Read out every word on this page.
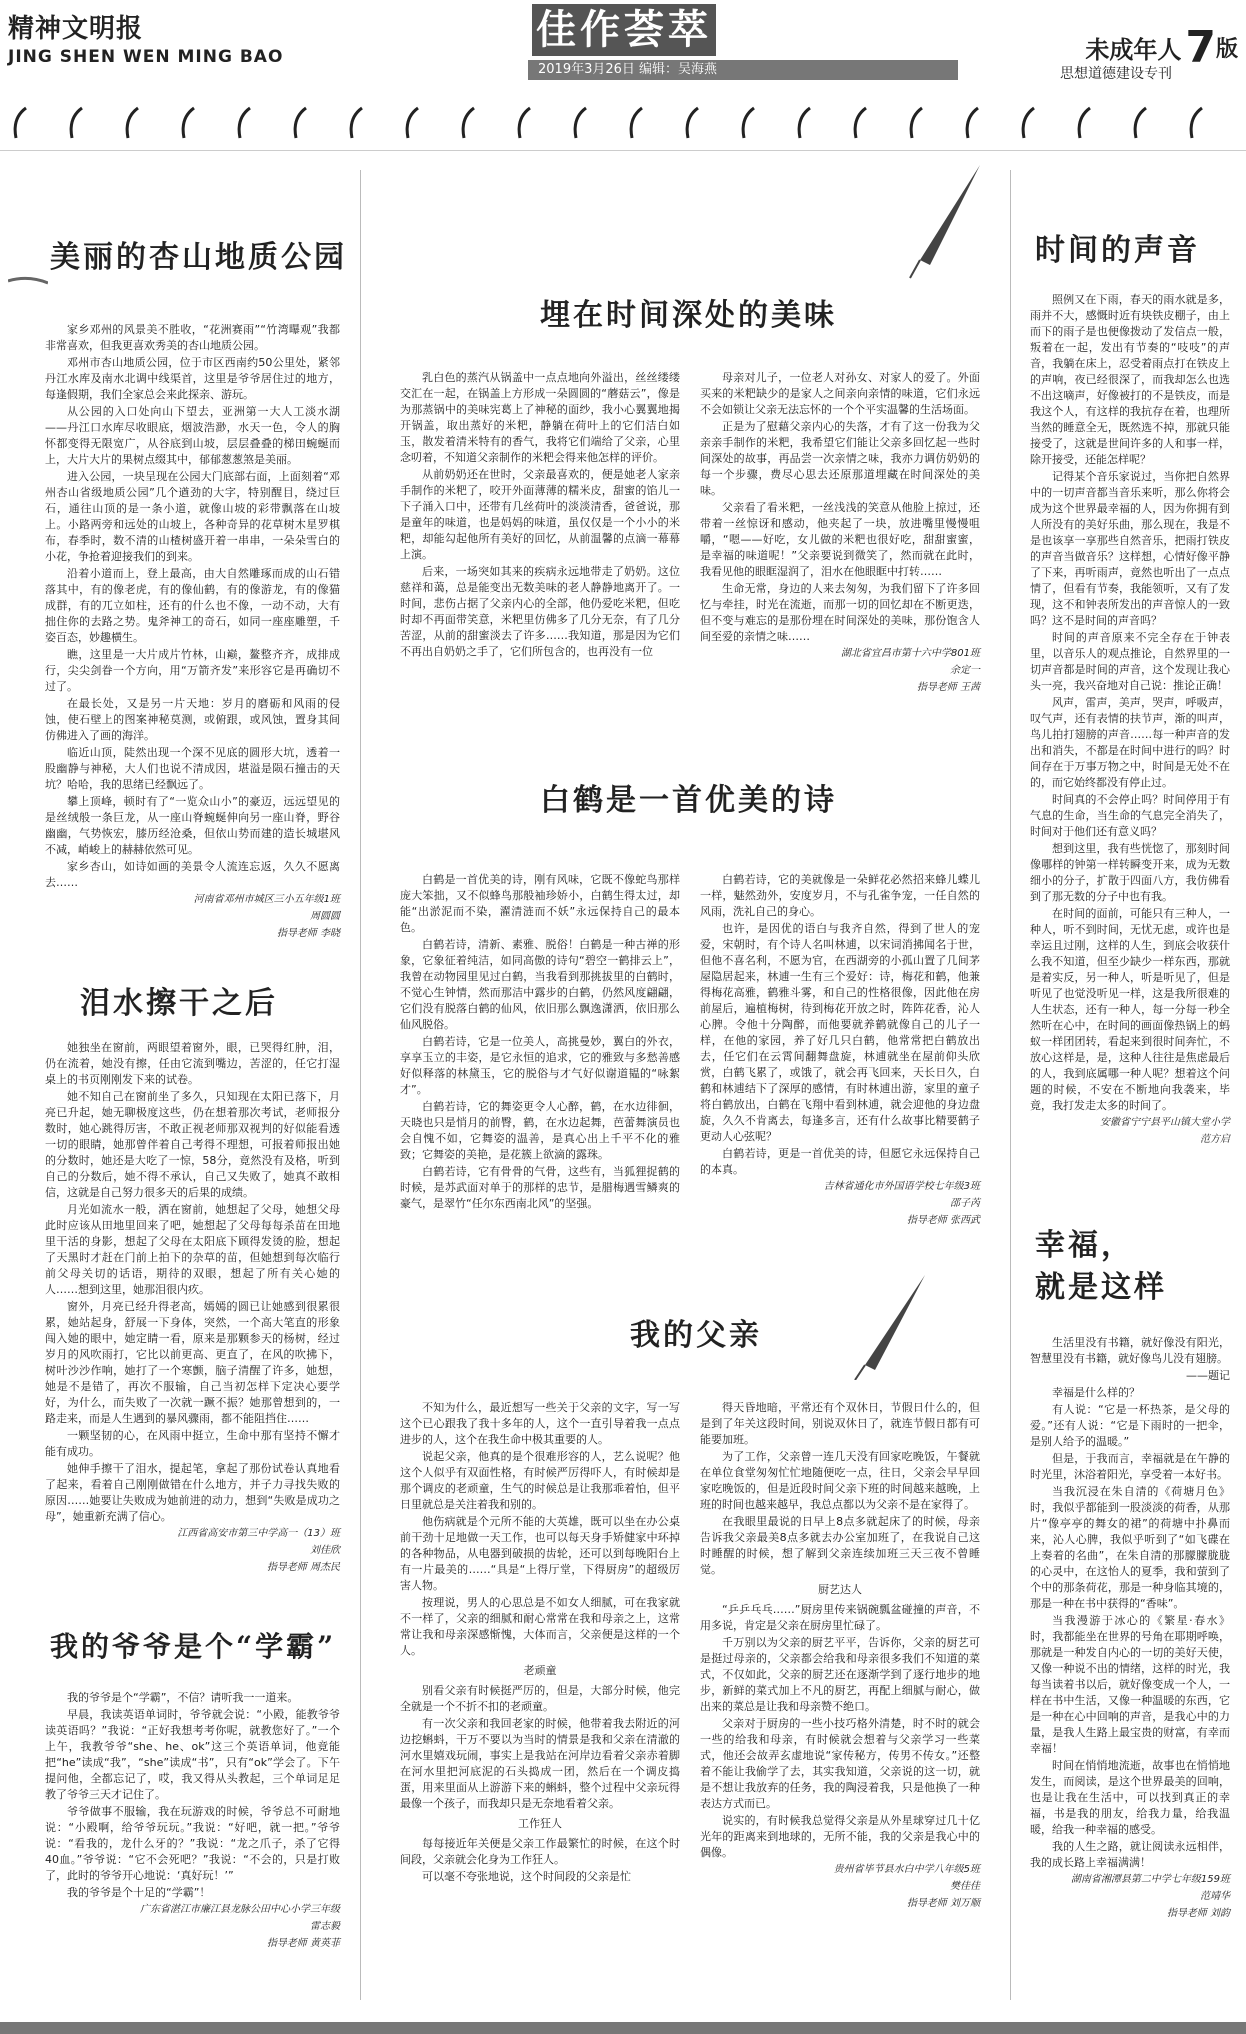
精神文明报
JING SHEN WEN MING BAO
佳作荟萃
2019年3月26日 编辑：吴海燕
未成年人7版
思想道德建设专刊
美丽的杏山地质公园

家乡邓州的风景美不胜收，“花洲赛雨”“竹湾曝观”我都非常喜欢，但我更喜欢秀美的杏山地质公园。

邓州市杏山地质公园，位于市区西南约50公里处，紧邻丹江水库及南水北调中线渠首，这里是爷爷居住过的地方，每逢假期，我们全家总会来此探亲、游玩。

从公园的入口处向山下望去，亚洲第一大人工淡水湖——丹江口水库尽收眼底，烟波浩渺，水天一色，令人的胸怀都变得无限宽广，从谷底到山坡，层层叠叠的梯田蜿蜒而上，大片大片的果树点缀其中，郁郁葱葱煞是美丽。

进入公园，一块呈现在公园大门底部右面，上面刻着“邓州杏山省级地质公园”几个遒劲的大字，特别醒目，绕过巨石，通往山顶的是一条小道，就像山坡的彩带飘落在山坡上。小路两旁和远处的山坡上，各种奇异的花草树木星罗棋布，春季时，数不清的山楂树盛开着一串串，一朵朵雪白的小花，争抢着迎接我们的到来。

沿着小道而上，登上最高，由大自然雕琢而成的山石错落其中，有的像老虎，有的像仙鹤，有的像游龙，有的像猫成群，有的兀立如柱，还有的什么也不像，一动不动，大有拙住你的去路之势。鬼斧神工的奇石，如同一座座雕塑，千姿百态，妙趣横生。

瞧，这里是一大片成片竹林，山巅，鳌整齐齐，成排成行，尖尖剑眷一个方向，用“万箭齐发”来形容它是再确切不过了。

在最长处，又是另一片天地：岁月的磨砺和风雨的侵蚀，使石壁上的图案神秘莫测，或俯跟，或风蚀，置身其间仿佛进入了画的海洋。

临近山顶，陡然出现一个深不见底的圆形大坑，透着一股幽静与神秘，大人们也说不清成因，堪溢是陨石撞击的天坑？哈哈，我的思绪已经飘远了。

攀上顶峰，顿时有了“一览众山小”的豪迈，远远望见的是丝绒般一条巨龙，从一座山脊蜿蜒伸向另一座山脊，野谷幽幽，气势恢宏，膝历经沧桑，但依山势而建的造长城堪风不减，峭峻上的赫赫依然可见。

家乡杏山，如诗如画的美景令人流连忘返，久久不愿离去……

河南省邓州市城区三小五年级1班

周圆圆

指导老师 李晓

泪水擦干之后

她独坐在窗前，两眼望着窗外，眼，已哭得红肿，泪，仍在流着，她没有擦，任由它流到嘴边，苦涩的，任它打湿桌上的书页刚刚发下来的试卷。

她不知自己在窗前坐了多久，只知现在太阳已落下，月亮已升起，她无聊极度这些，仍在想着那次考试，老师报分数时，她心跳得厉害，不敢正视老师那双视判的好似能看透一切的眼睛，她那曾伴着自己考得不理想，可报着师报出她的分数时，她还是大吃了一惊，58分，竟然没有及格，听到自己的分数后，她不得不承认，自己又失败了，她真不敢相信，这就是自己努力很多天的后果的成绩。

月光如流水一般，洒在窗前，她想起了父母，她想父母此时应该从田地里回来了吧，她想起了父母每每杀苗在田地里干活的身影，想起了父母在太阳底下顾得发烫的脸，想起了天黑时才赶在门前上拍下的杂草的苗，但她想到每次临行前父母关切的话语，期待的双眼，想起了所有关心她的人……想到这里，她那泪很内疚。

窗外，月亮已经升得老高，嫣嫣的圆已让她感到很累很累，她站起身，舒展一下身体，突然，一个高大笔直的形象闯入她的眼中，她定睛一看，原来是那颗参天的杨树，经过岁月的风吹雨打，它比以前更高、更直了，在风的吹拂下，树叶沙沙作响，她打了一个寒颤，脑子清醒了许多，她想，她是不是错了，再次不服输，自己当初怎样下定决心要学好，为什么，而失败了一次就一蹶不振？她那曾想到的，一路走来，而是人生遇到的暴风骤雨，都不能阻挡住……

一颗坚韧的心，在风雨中挺立，生命中那有坚持不懈才能有成功。

她伸手擦干了泪水，提起笔，拿起了那份试卷认真地看了起来，看着自己刚刚做错在什么地方，并子力寻找失败的原因……她要让失败成为她前进的动力，想到“失败是成功之母”，她重新充满了信心。

江西省高安市第三中学高一（13）班

刘佳欣

指导老师 周杰民

我的爷爷是个“学霸”

我的爷爷是个“学霸”，不信？请听我一一道来。

早晨，我读英语单词时，爷爷就会说：“小殿，能教爷爷读英语吗？”我说：“正好我想考考你呢，就教您好了。”一个上午，我教爷爷“she、he、ok”这三个英语单词，他竟能把“he”读成“我”，“she”读成“书”，只有“ok”学会了。下午提问他，全都忘记了，哎，我又得从头教起，三个单词足足教了爷爷三天才记住了。

爷爷做事不服输，我在玩游戏的时候，爷爷总不可耐地说：“小殿啊，给爷爷玩玩。”我说：“好吧，就一把。”爷爷说：“看我的，龙什么牙的？”我说：“龙之爪子，杀了它得40血。”爷爷说：“它不会死吧？”我说：“不会的，只是打败了，此时的爷爷开心地说：‘真好玩！’”

我的爷爷是个十足的“学霸”！

广东省湛江市廉江县龙脉公田中心小学三年级

雷志毅

指导老师 黄英菲

埋在时间深处的美味

乳白色的蒸汽从锅盖中一点点地向外溢出，丝丝缕缕交汇在一起，在锅盖上方形成一朵圆圆的“蘑菇云”，像是为那蒸锅中的美味宪葛上了神秘的面纱，我小心翼翼地揭开锅盖，取出蒸好的米粑，静躺在荷叶上的它们洁白如玉，散发着清米特有的香气，我将它们端给了父亲，心里念叨着，不知道父亲制作的米粑会得来他怎样的评价。

从前奶奶还在世时，父亲最喜欢的，便是她老人家亲手制作的米粑了，咬开外面薄薄的糯米皮，甜蜜的馅儿一下子涌入口中，还带有几丝荷叶的淡淡清香，爸爸说，那是童年的味道，也是妈妈的味道，虽仅仅是一个小小的米粑，却能勾起他所有美好的回忆，从前温馨的点滴一幕幕上演。

后来，一场突如其来的疾病永远地带走了奶奶。这位慈祥和蔼，总是能变出无数美味的老人静静地离开了。一时间，悲伤占据了父亲内心的全部，他仍爱吃米粑，但吃时却不再面带笑意，米粑里仿佛多了几分无奈，有了几分苦涩，从前的甜蜜淡去了许多……我知道，那是因为它们不再出自奶奶之手了，它们所包含的，也再没有一位

母亲对儿子，一位老人对孙女、对家人的爱了。外面买来的米粑缺少的是家人之间亲向亲情的味道，它们永远不会如锁让父亲无法忘怀的一个个平实温馨的生活场面。

正是为了慰藉父亲内心的失落，才有了这一份我为父亲亲手制作的米粑，我希望它们能让父亲多回忆起一些时间深处的故事，再品尝一次亲情之味，我亦力调仿奶奶的每一个步骤，费尽心思去还原那道埋藏在时间深处的美味。

父亲看了看米粑，一丝浅浅的笑意从他脸上掠过，还带着一丝惊讶和感动，他夹起了一块，放进嘴里慢慢咀嚼，“嗯——好吃，女儿做的米粑也很好吃，甜甜蜜蜜，是幸福的味道呢！”父亲要说到微笑了，然而就在此时，我看见他的眼眶湿润了，泪水在他眼眶中打转……

生命无常，身边的人来去匆匆，为我们留下了许多回忆与牵挂，时光在流逝，而那一切的回忆却在不断更迭，但不变与难忘的是那份埋在时间深处的美味，那份饱含人间至爱的亲情之味……

湖北省宜昌市第十六中学801班

余定一

指导老师 王茜

白鹤是一首优美的诗

白鹤是一首优美的诗，刚有风味，它既不像蛇鸟那样庞大笨拙，又不似蜂鸟那般袖珍娇小，白鹤生得太过，却能“出淤泥而不染，濯清涟而不妖”永远保持自己的最本色。

白鹤若诗，清新、素雅、脱俗！白鹤是一种古禅的形象，它象征着纯洁，如同高傲的诗句“碧空一鹤排云上”，我曾在动物园里见过白鹤，当我看到那挑拔里的白鹤时，不觉心生钟情，然而那洁中露步的白鹤，仍然风度翩翩，它们没有脱落白鹤的仙风，依旧那么飘逸潇洒，依旧那么仙风脱俗。

白鹤若诗，它是一位美人，高挑曼妙，翼白的外衣，享享玉立的丰姿，是它永恒的追求，它的雅致与多愁善感好似释落的林黛玉，它的脱俗与才气好似谢道韫的“咏絮才”。

白鹤若诗，它的舞姿更令人心醉，鹤，在水边徘徊，天晓也只是悄月的前臀，鹤，在水边起舞，芭蕾舞演员也会自愧不如，它舞姿的温善，是真心出上千平不化的雅致；它舞姿的美艳，是花簇上欲滴的露珠。

白鹤若诗，它有骨骨的气骨，这些有，当狐狸捉鹤的时候，是苏武面对单于的那样的忠节，是腊梅遇雪鳞爽的豪气，是翠竹“任尔东西南北风”的坚强。

白鹤若诗，它的美就像是一朵鲜花必然招来蜂儿蝶儿一样，魅然劲外，安度岁月，不与孔雀争宠，一任自然的风雨，洗礼自己的身心。

也许，是因优的语白与我齐自然，得到了世人的宠爱，宋朝时，有个诗人名叫林逋，以宋词消拂闻名于世，但他不喜名利，不愿为官，在西湖旁的小孤山置了几间茅屋隐居起来，林逋一生有三个爱好：诗，梅花和鹤，他兼得梅花高雅，鹤雅斗雾，和自己的性格很像，因此他在房前屋后，遍植梅树，待到梅花开放之时，阵阵花香，沁人心脾。令他十分陶醉，而他要就养鹤就像自己的儿子一样，在他的家园，养了好几只白鹤，他常常把白鹤放出去，任它们在云霄间翻舞盘旋，林逋就坐在屋前仰头欣赏，白鹤飞累了，或饿了，就会再飞回来，天长日久，白鹤和林逋结下了深厚的感情，有时林逋出游，家里的童子将白鹤放出，白鹤在飞翔中看到林逋，就会迎他的身边盘旋，久久不肯离去，每逢多言，还有什么故事比精要鹤子更动人心弦呢？

白鹤若诗，更是一首优美的诗，但愿它永远保持自己的本真。

吉林省通化市外国语学校七年级3班

邵子芮

指导老师 张西武

我的父亲

不知为什么，最近想写一些关于父亲的文字，写一写这个已心跟我了我十多年的人，这个一直引导着我一点点进步的人，这个在我生命中极其重要的人。

说起父亲，他真的是个很难形容的人，艺么说呢？他这个人似乎有双面性格，有时候严厉得吓人，有时候却是那个调皮的老顽童，生气的时候总是让我那乖着怕，但平日里就总是关注着我和别的。

他伤病就是个元所不能的大英雄，既可以坐在办公桌前干劲十足地做一天工作，也可以每天身手矫健家中环掉的各种物品，从电器到破损的齿轮，还可以到每晚阳台上有一片最美的……“具是“上得厅堂，下得厨房”的超级厉害人物。

按理说，男人的心思总是不如女人细腻，可在我家就不一样了，父亲的细腻和耐心常常在我和母亲之上，这常常让我和母亲深感惭愧，大体而言，父亲便是这样的一个人。

老顽童

别看父亲有时候挺严厉的，但是，大部分时候，他完全就是一个不折不扣的老顽童。

有一次父亲和我回老家的时候，他带着我去附近的河边挖蝌蚪，干万不要以为当时的情景是我和父亲在清澈的河水里嬉戏玩闹，事实上是我站在河岸边看着父亲赤着脚在河水里把河底泥的石头捣成一团，然后在一个调皮捣蛋，用来里面从上游游下来的蝌蚪，整个过程中父亲玩得最像一个孩子，而我却只是无奈地看着父亲。

工作狂人

每每接近年关便是父亲工作最繁忙的时候，在这个时间段，父亲就会化身为工作狂人。

可以毫不夸张地说，这个时间段的父亲是忙

得天昏地暗，平常还有个双休日，节假日什么的，但是到了年关这段时间，别说双休日了，就连节假日都有可能要加班。

为了工作，父亲曾一连几天没有回家吃晚饭，午餐就在单位食堂匆匆忙忙地随便吃一点，往日，父亲会早早回家吃晚饭的，但是近段时间父亲下班的时间越来越晚，上班的时间也越来越早，我总点都以为父亲不是在家得了。

在我眼里最说的日早上8点多就起床了的时候，母亲告诉我父亲最美8点多就去办公室加班了，在我说自己这时睡醒的时候，想了解到父亲连续加班三天三夜不曾睡觉。

厨艺达人

“乒乒乓乓……”厨房里传来锅碗瓢盆碰撞的声音，不用多说，肯定是父亲在厨房里忙碌了。

千万别以为父亲的厨艺平平，告诉你，父亲的厨艺可是挺过母亲的，父亲都会给我和母亲很多我们不知道的菜式，不仅如此，父亲的厨艺还在逐渐学到了逐行地步的地步，新鲜的菜式加上不凡的厨艺，再配上细腻与耐心，做出来的菜总是让我和母亲赞不绝口。

父亲对于厨房的一些小技巧格外清楚，时不时的就会一些的给我和母亲，有时候就会想着与父亲学习一些菜式，他还会故弄玄虚地说“家传秘方，传男不传女。”还整着不能让我偷学了去，其实我知道，父亲说的这一切，就是不想让我放弃的任务，我的陶浸着我，只是他换了一种表达方式而已。

说实的，有时候我总觉得父亲是从外星球穿过几十亿光年的距离来到地球的，无所不能，我的父亲是我心中的偶像。

贵州省毕节县水白中学八年级5班

樊佳佳

指导老师 刘万顺

时间的声音

照例又在下雨，春天的雨水就是多，雨并不大，感慨时近有块铁皮棚子，由上而下的雨子是也便像拨动了发信点一般，叛着在一起，发出有节奏的“吱吱”的声音，我躺在床上，忍受着雨点打在铁皮上的声响，夜已经很深了，而我却怎么也选不出这嘀声，好像被打的不是铁皮，而是我这个人，有这样的我抗存在着，也理所当然的睡意全无，既然选不掉，那就只能接受了，这就是世间许多的人和事一样，除开接受，还能怎样呢？

记得某个音乐家说过，当你把自然界中的一切声音都当音乐来听，那么你将会成为这个世界最幸福的人，因为你拥有到人所没有的美好乐曲，那么现在，我是不是也该享一享那些自然音乐，把雨打铁皮的声音当做音乐？这样想，心情好像平静了下来，再听雨声，竟然也听出了一点点情了，但看有节奏，我能领听，又有了发现，这不和钟表所发出的声音惊人的一致吗？这不是时间的声音吗？

时间的声音原来不完全存在于钟表里，以音乐人的观点推论，自然界里的一切声音都是时间的声音，这个发现让我心头一亮，我兴奋地对自己说：推论正确！

风声，雷声，美声，哭声，呼吸声，叹气声，还有表情的扶节声，渐的叫声，鸟儿拍打翅膀的声音……每一种声音的发出和消失，不都是在时间中进行的吗？时间存在于万事万物之中，时间是无处不在的，而它始终都没有停止过。

时间真的不会停止吗？时间停用于有气息的生命，当生命的气息完全消失了，时间对于他们还有意义吗？

想到这里，我有些恍惚了，那刻时间像哪样的钟第一样转瞬变开来，成为无数细小的分子，扩散于四面八方，我仿佛看到了那无数的分子中也有我。

在时间的面前，可能只有三种人，一种人，听不到时间，无忧无虑，或许也是幸运且过刚，这样的人生，到底会收获什么我不知道，但至少缺少一样东西，那就是着实反，另一种人，听是听见了，但是听见了也觉没听见一样，这是我所很难的人生状态，还有一种人，每一分每一秒全然听在心中，在时间的画面像热锅上的蚂蚁一样团团转，看起来到很时间奔忙，不放心这样是，是，这种人往往是焦虑最后的人，我到底属哪一种人呢？想着这个问题的时候，不安在不断地向我袭来，毕竟，我打发走太多的时间了。

安徽省宁宁县平山镇大堂小学

范方启

幸福，
就是这样

生活里没有书籍，就好像没有阳光，智慧里没有书籍，就好像鸟儿没有翅膀。

——题记

幸福是什么样的？

有人说：“它是一杯热茶，是父母的爱。”还有人说：“它是下雨时的一把伞，是别人给予的温暖。”

但是，于我而言，幸福就是在午静的时光里，沐浴着阳光，享受着一本好书。

当我沉浸在朱自清的《荷塘月色》时，我似乎都能到一股淡淡的荷香，从那片“像亭亭的舞女的裙”的荷塘中扑鼻而来，沁人心脾，我似乎听到了“如飞碟在上奏着的名曲”，在朱自清的那朦朦胧胧的心灵中，在这怡人的夏季，我和萤到了个中的那条荷花，那是一种身临其境的，那是一种在书中获得的“香味”。

当我漫游于冰心的《繁星·春水》时，我都能坐在世界的号角在耶期呼唤，那就是一种发自内心的一切的美好天使，又像一种说不出的情绪，这样的时光，我每当读着书以后，就好像变成一个人，一样在书中生活，又像一种温暖的东西，它是一种在心中回响的声音，是我心中的力量，是我人生路上最宝贵的财富，有幸而幸福！

时间在悄悄地流逝，故事也在悄悄地发生，而阅读，是这个世界最美的回响，也是让我在生活中，可以找到真正的幸福，书是我的朋友，给我力量，给我温暖，给我一种幸福的感受。

我的人生之路，就让阅读永远相伴，我的成长路上幸福满满！

湖南省湘潭县第二中学七年级159班

范靖华

指导老师 刘韵
